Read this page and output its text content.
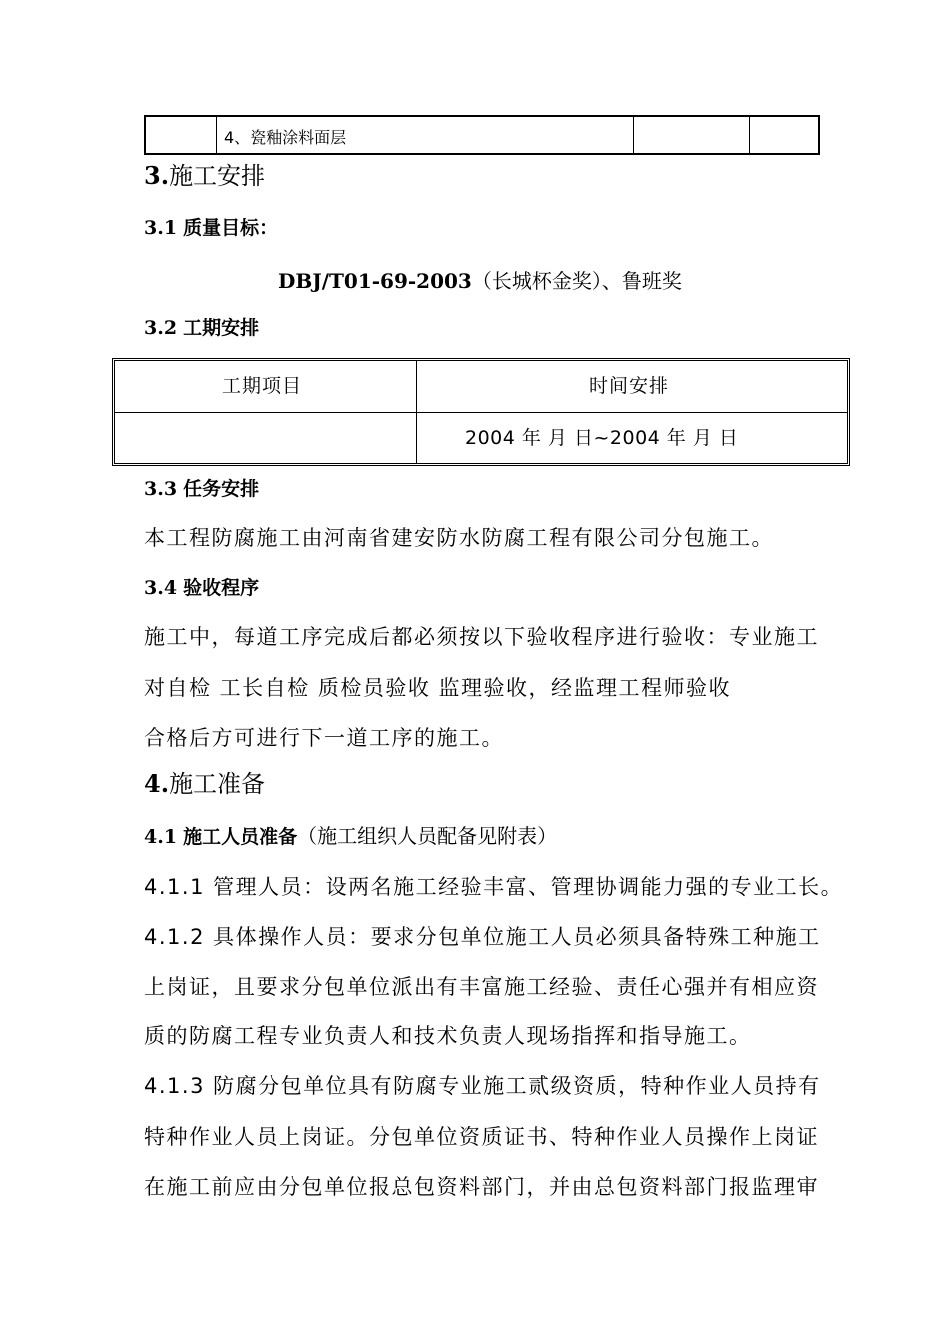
4、瓷釉涂料面层
3.施工安排
3.1 质量目标：
DBJ/T01-69-2003（长城杯金奖）、鲁班奖
3.2 工期安排
工期项目	时间安排
2004 年 月 日~2004 年 月 日
3.3 任务安排
本工程防腐施工由河南省建安防水防腐工程有限公司分包施工。
3.4 验收程序
施工中，每道工序完成后都必须按以下验收程序进行验收：专业施工
对自检 工长自检 质检员验收 监理验收，经监理工程师验收
合格后方可进行下一道工序的施工。
4.施工准备
4.1 施工人员准备（施工组织人员配备见附表）
4.1.1 管理人员：设两名施工经验丰富、管理协调能力强的专业工长。
4.1.2 具体操作人员：要求分包单位施工人员必须具备特殊工种施工
上岗证，且要求分包单位派出有丰富施工经验、责任心强并有相应资
质的防腐工程专业负责人和技术负责人现场指挥和指导施工。
4.1.3 防腐分包单位具有防腐专业施工贰级资质，特种作业人员持有
特种作业人员上岗证。分包单位资质证书、特种作业人员操作上岗证
在施工前应由分包单位报总包资料部门，并由总包资料部门报监理审
